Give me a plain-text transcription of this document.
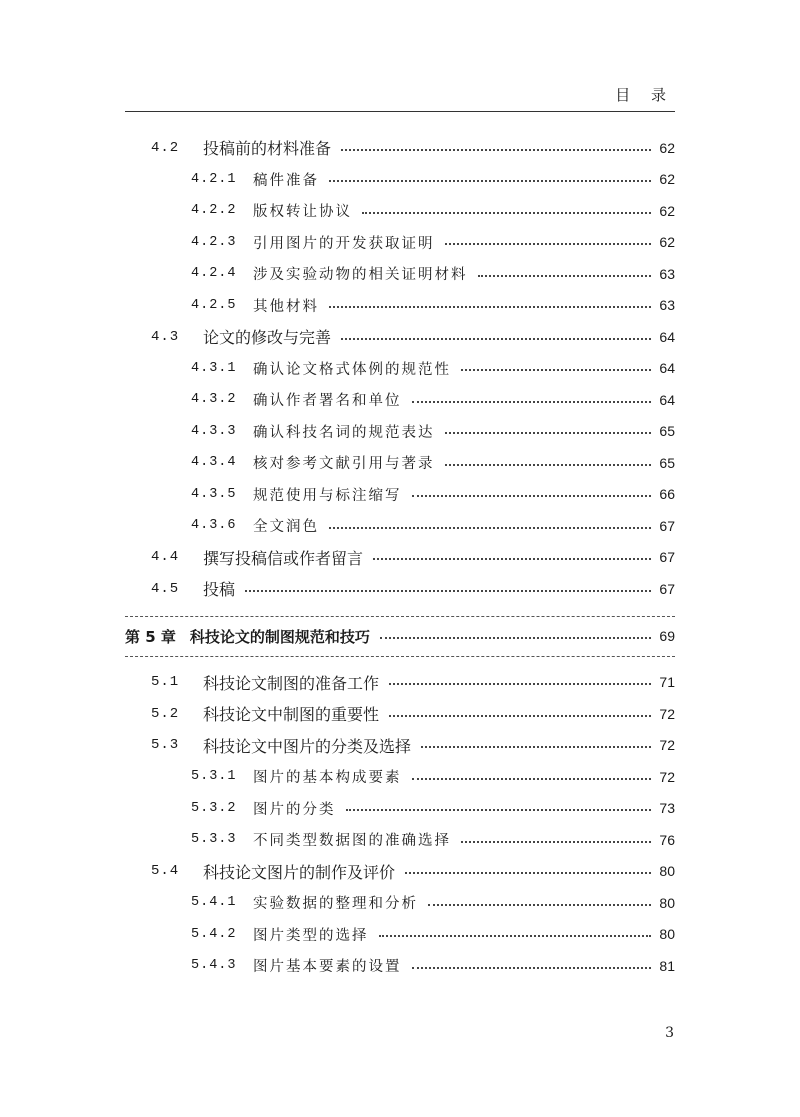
目 录
4.2	投稿前的材料准备	62
4.2.1 稿件准备	62
4.2.2 版权转让协议	62
4.2.3 引用图片的开发获取证明	62
4.2.4 涉及实验动物的相关证明材料	63
4.2.5 其他材料	63
4.3	论文的修改与完善	64
4.3.1 确认论文格式体例的规范性	64
4.3.2 确认作者署名和单位	64
4.3.3 确认科技名词的规范表达	65
4.3.4 核对参考文献引用与著录	65
4.3.5 规范使用与标注缩写	66
4.3.6 全文润色	67
4.4	撰写投稿信或作者留言	67
4.5	投稿	67
第 5 章 科技论文的制图规范和技巧	69
5.1	科技论文制图的准备工作	71
5.2	科技论文中制图的重要性	72
5.3	科技论文中图片的分类及选择	72
5.3.1 图片的基本构成要素	72
5.3.2 图片的分类	73
5.3.3 不同类型数据图的准确选择	76
5.4	科技论文图片的制作及评价	80
5.4.1 实验数据的整理和分析	80
5.4.2 图片类型的选择	80
5.4.3 图片基本要素的设置	81
3
